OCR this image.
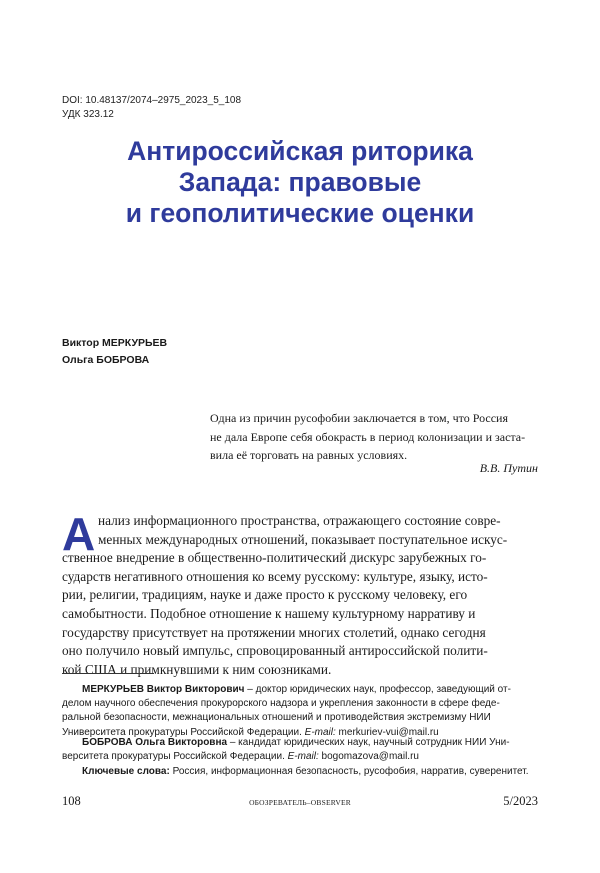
DOI: 10.48137/2074–2975_2023_5_108
УДК 323.12
Антироссийская риторика
Запада: правовые
и геополитические оценки
Виктор МЕРКУРЬЕВ
Ольга БОБРОВА
Одна из причин русофобии заключается в том, что Россия
не дала Европе себя обокрасть в период колонизации и заста-
вила её торговать на равных условиях.
В.В. Путин
А нализ информационного пространства, отражающего состояние совре-
менных международных отношений, показывает поступательное искус-
ственное внедрение в общественно-политический дискурс зарубежных го-
сударств негативного отношения ко всему русскому: культуре, языку, исто-
рии, религии, традициям, науке и даже просто к русскому человеку, его
самобытности. Подобное отношение к нашему культурному нарративу и
государству присутствует на протяжении многих столетий, однако сегодня
оно получило новый импульс, спровоцированный антироссийской полити-
кой США и примкнувшими к ним союзниками.
МЕРКУРЬЕВ Виктор Викторович – доктор юридических наук, профессор, заведующий от-
делом научного обеспечения прокурорского надзора и укрепления законности в сфере феде-
ральной безопасности, межнациональных отношений и противодействия экстремизму НИИ
Университета прокуратуры Российской Федерации. E-mail: merkuriev-vui@mail.ru
БОБРОВА Ольга Викторовна – кандидат юридических наук, научный сотрудник НИИ Уни-
верситета прокуратуры Российской Федерации. E-mail: bogomazova@mail.ru
Ключевые слова: Россия, информационная безопасность, русофобия, нарратив, суверенитет.
108	ОБОЗРЕВАТЕЛЬ–OBSERVER	5/2023
